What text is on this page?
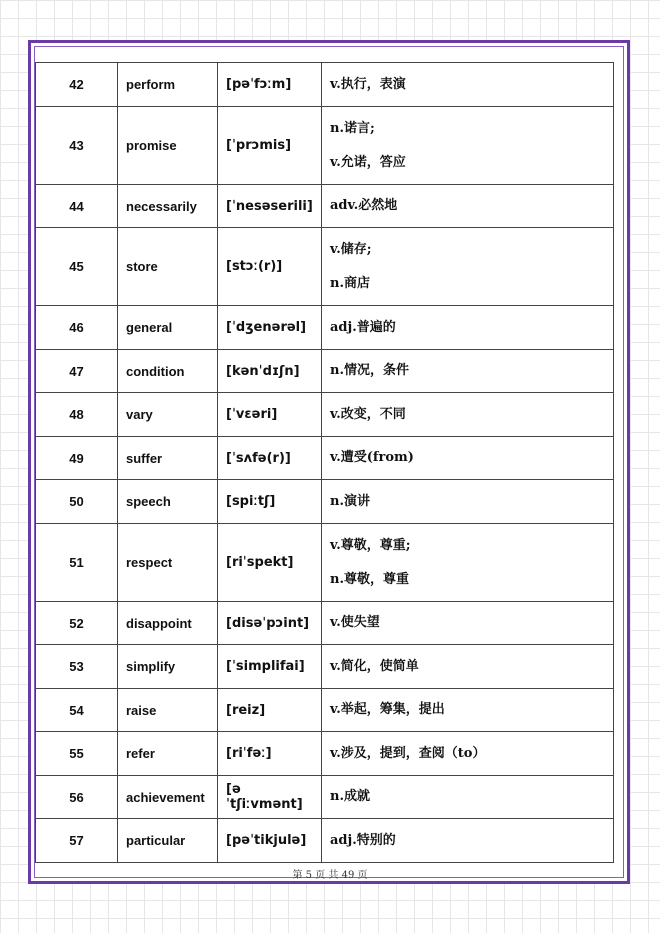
42	perform	[pəˈfɔːm]	v.执行，表演

43	promise	[ˈprɔmis]	n.诺言;
v.允诺，答应

44	necessarily	[ˈnesəserili]	adv.必然地

45	store	[stɔː(r)]	v.储存;
n.商店

46	general	[ˈdʒenərəl]	adj.普遍的

47	condition	[kənˈdɪʃn]	n.情况，条件

48	vary	[ˈvεəri]	v.改变，不同

49	suffer	[ˈsʌfə(r)]	v.遭受(from)

50	speech	[spiːtʃ]	n.演讲

51	respect	[riˈspekt]	v.尊敬，尊重;
n.尊敬，尊重

52	disappoint	[disəˈpɔint]	v.使失望

53	simplify	[ˈsimplifai]	v.简化，使简单

54	raise	[reiz]	v.举起，筹集，提出

55	refer	[riˈfəː]	v.涉及，提到，查阅（to）

56	achievement	[əˈtʃiːvmənt]	n.成就

57	particular	[pəˈtikjulə]	adj.特别的
第 5 页 共 49 页
